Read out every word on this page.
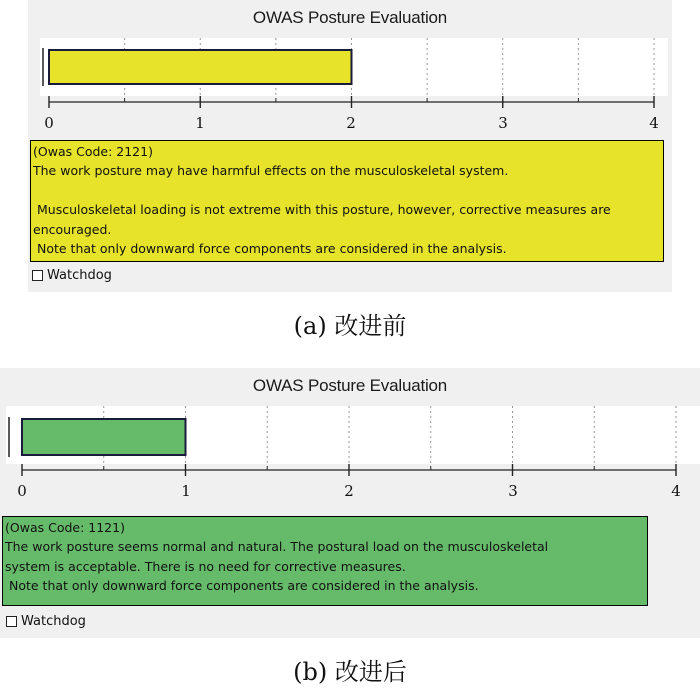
OWAS Posture Evaluation
0	1	2	3	4
(Owas Code: 2121)
The work posture may have harmful effects on the musculoskeletal system.

Musculoskeletal loading is not extreme with this posture, however, corrective measures are
encouraged.
Note that only downward force components are considered in the analysis.
Watchdog
(a) 改进前
OWAS Posture Evaluation
0	1	2	3	4
(Owas Code: 1121)
The work posture seems normal and natural. The postural load on the musculoskeletal
system is acceptable. There is no need for corrective measures.
Note that only downward force components are considered in the analysis.
Watchdog
(b) 改进后
